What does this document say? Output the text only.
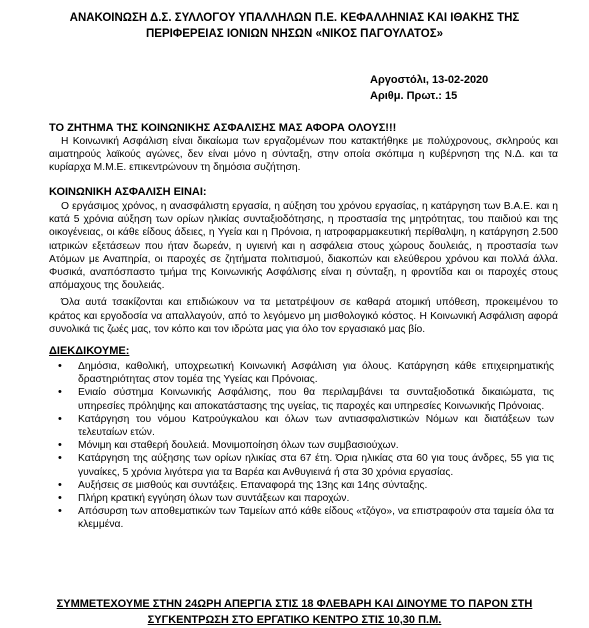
ΑΝΑΚΟΙΝΩΣΗ Δ.Σ. ΣΥΛΛΟΓΟΥ ΥΠΑΛΛΗΛΩΝ Π.Ε. ΚΕΦΑΛΛΗΝΙΑΣ ΚΑΙ ΙΘΑΚΗΣ ΤΗΣ
ΠΕΡΙΦΕΡΕΙΑΣ ΙΟΝΙΩΝ ΝΗΣΩΝ «ΝΙΚΟΣ ΠΑΓΟΥΛΑΤΟΣ»
Αργοστόλι, 13-02-2020
Αριθμ. Πρωτ.: 15
ΤΟ ΖΗΤΗΜΑ ΤΗΣ ΚΟΙΝΩΝΙΚΗΣ ΑΣΦΑΛΙΣΗΣ ΜΑΣ ΑΦΟΡΑ ΟΛΟΥΣ!!!

Η Κοινωνική Ασφάλιση είναι δικαίωμα των εργαζομένων που κατακτήθηκε με πολύχρονους, σκληρούς και αιματηρούς λαϊκούς αγώνες, δεν είναι μόνο η σύνταξη, στην οποία σκόπιμα η κυβέρνηση της Ν.Δ. και τα κυρίαρχα Μ.Μ.Ε. επικεντρώνουν τη δημόσια συζήτηση.

ΚΟΙΝΩΝΙΚΗ ΑΣΦΑΛΙΣΗ ΕΙΝΑΙ:

Ο εργάσιμος χρόνος, η ανασφάλιστη εργασία, η αύξηση του χρόνου εργασίας, η κατάργηση των Β.Α.Ε. και η κατά 5 χρόνια αύξηση των ορίων ηλικίας συνταξιοδότησης, η προστασία της μητρότητας, του παιδιού και της οικογένειας, οι κάθε είδους άδειες, η Υγεία και η Πρόνοια, η ιατροφαρμακευτική περίθαλψη, η κατάργηση 2.500 ιατρικών εξετάσεων που ήταν δωρεάν, η υγιεινή και η ασφάλεια στους χώρους δουλειάς, η προστασία των Ατόμων με Αναπηρία, οι παροχές σε ζητήματα πολιτισμού, διακοπών και ελεύθερου χρόνου και πολλά άλλα. Φυσικά, αναπόσπαστο τμήμα της Κοινωνικής Ασφάλισης είναι η σύνταξη, η φροντίδα και οι παροχές στους απόμαχους της δουλειάς.

Όλα αυτά τσακίζονται και επιδιώκουν να τα μετατρέψουν σε καθαρά ατομική υπόθεση, προκειμένου το κράτος και εργοδοσία να απαλλαγούν, από το λεγόμενο μη μισθολογικό κόστος. Η Κοινωνική Ασφάλιση αφορά συνολικά τις ζωές μας, τον κόπο και τον ιδρώτα μας για όλο τον εργασιακό μας βίο.

ΔΙΕΚΔΙΚΟΥΜΕ:
• Δημόσια, καθολική, υποχρεωτική Κοινωνική Ασφάλιση για όλους. Κατάργηση κάθε επιχειρηματικής δραστηριότητας στον τομέα της Υγείας και Πρόνοιας.
• Ενιαίο σύστημα Κοινωνικής Ασφάλισης, που θα περιλαμβάνει τα συνταξιοδοτικά δικαιώματα, τις υπηρεσίες πρόληψης και αποκατάστασης της υγείας, τις παροχές και υπηρεσίες Κοινωνικής Πρόνοιας.
• Κατάργηση του νόμου Κατρούγκαλου και όλων των αντιασφαλιστικών Νόμων και διατάξεων των τελευταίων ετών.
• Μόνιμη και σταθερή δουλειά. Μονιμοποίηση όλων των συμβασιούχων.
• Κατάργηση της αύξησης των ορίων ηλικίας στα 67 έτη. Όρια ηλικίας στα 60 για τους άνδρες, 55 για τις γυναίκες, 5 χρόνια λιγότερα για τα Βαρέα και Ανθυγιεινά ή στα 30 χρόνια εργασίας.
• Αυξήσεις σε μισθούς και συντάξεις. Επαναφορά της 13ης και 14ης σύνταξης.
• Πλήρη κρατική εγγύηση όλων των συντάξεων και παροχών.
• Απόσυρση των αποθεματικών των Ταμείων από κάθε είδους «τζόγο», να επιστραφούν στα ταμεία όλα τα κλεμμένα.
ΣΥΜΜΕΤΕΧΟΥΜΕ ΣΤΗΝ 24ΩΡΗ ΑΠΕΡΓΙΑ ΣΤΙΣ 18 ΦΛΕΒΑΡΗ ΚΑΙ ΔΙΝΟΥΜΕ ΤΟ ΠΑΡΟΝ ΣΤΗ
ΣΥΓΚΕΝΤΡΩΣΗ ΣΤΟ ΕΡΓΑΤΙΚΟ ΚΕΝΤΡΟ ΣΤΙΣ 10,30 Π.Μ.
